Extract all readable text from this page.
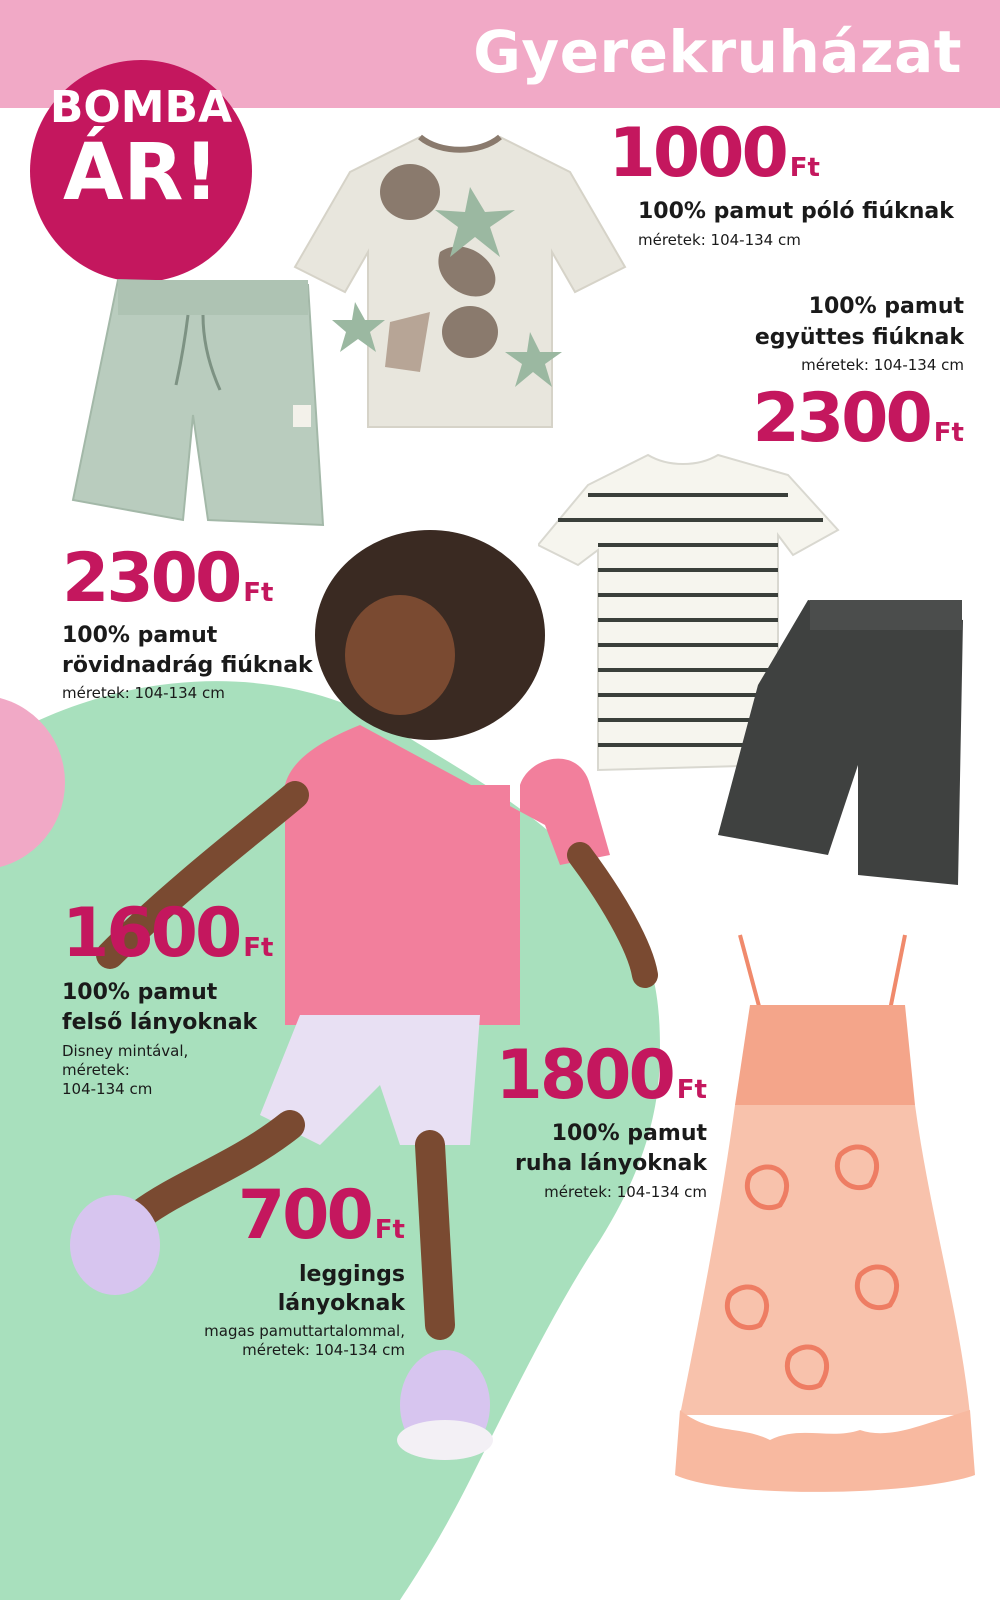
Gyerekruházat
BOMBA
ÁR!	1000 Ft
100% pamut póló fiúknak
méretek: 104-134 cm
100% pamut
együttes fiúknak
méretek: 104-134 cm
2300 Ft
2300 Ft
100% pamut
rövidnadrág fiúknak
méretek: 104-134 cm
1600 Ft
100% pamut
felső lányoknak
Disney mintával,
méretek:
104-134 cm	1800 Ft
100% pamut
ruha lányoknak
méretek: 104-134 cm
700 Ft
leggings
lányoknak
magas pamuttartalommal,
méretek: 104-134 cm
